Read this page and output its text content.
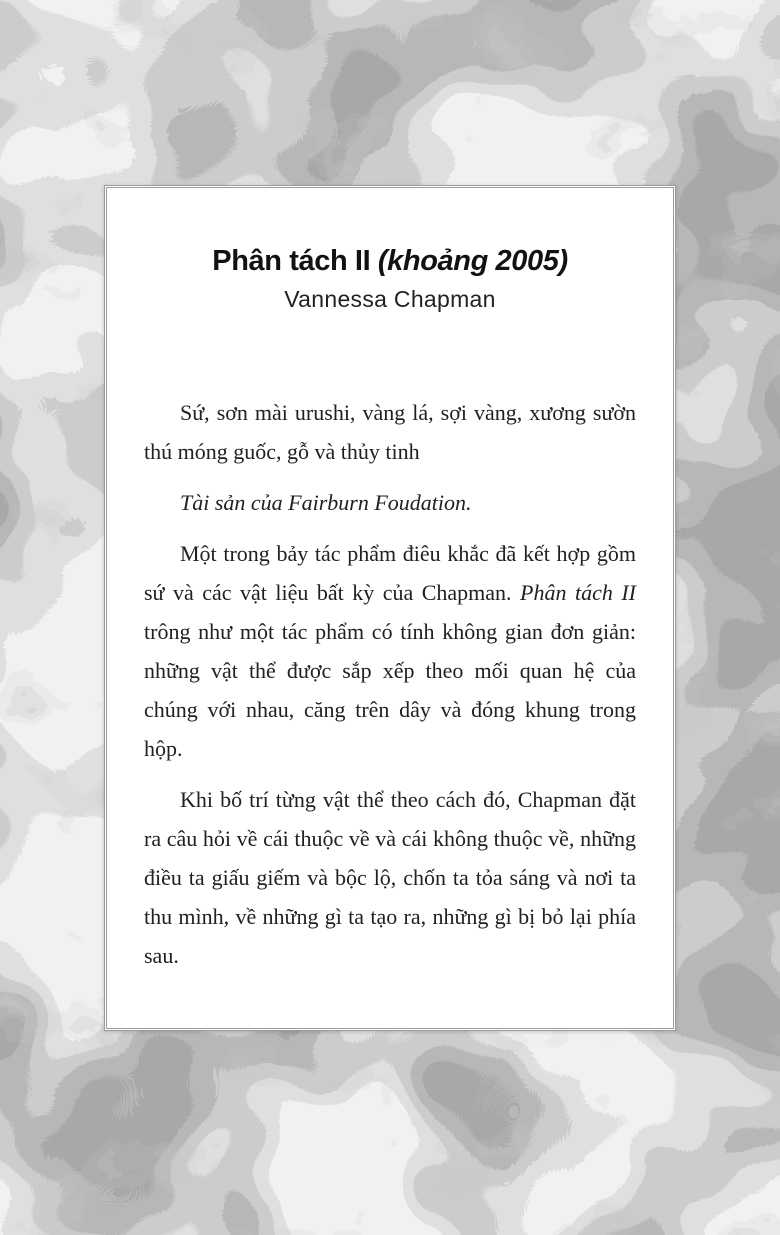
Phân tách II (khoảng 2005)
Vannessa Chapman

Sứ, sơn mài urushi, vàng lá, sợi vàng, xương sườn thú móng guốc, gỗ và thủy tinh

Tài sản của Fairburn Foudation.

Một trong bảy tác phẩm điêu khắc đã kết hợp gồm sứ và các vật liệu bất kỳ của Chapman. Phân tách II trông như một tác phẩm có tính không gian đơn giản: những vật thể được sắp xếp theo mối quan hệ của chúng với nhau, căng trên dây và đóng khung trong hộp.

Khi bố trí từng vật thể theo cách đó, Chapman đặt ra câu hỏi về cái thuộc về và cái không thuộc về, những điều ta giấu giếm và bộc lộ, chốn ta tỏa sáng và nơi ta thu mình, về những gì ta tạo ra, những gì bị bỏ lại phía sau.
